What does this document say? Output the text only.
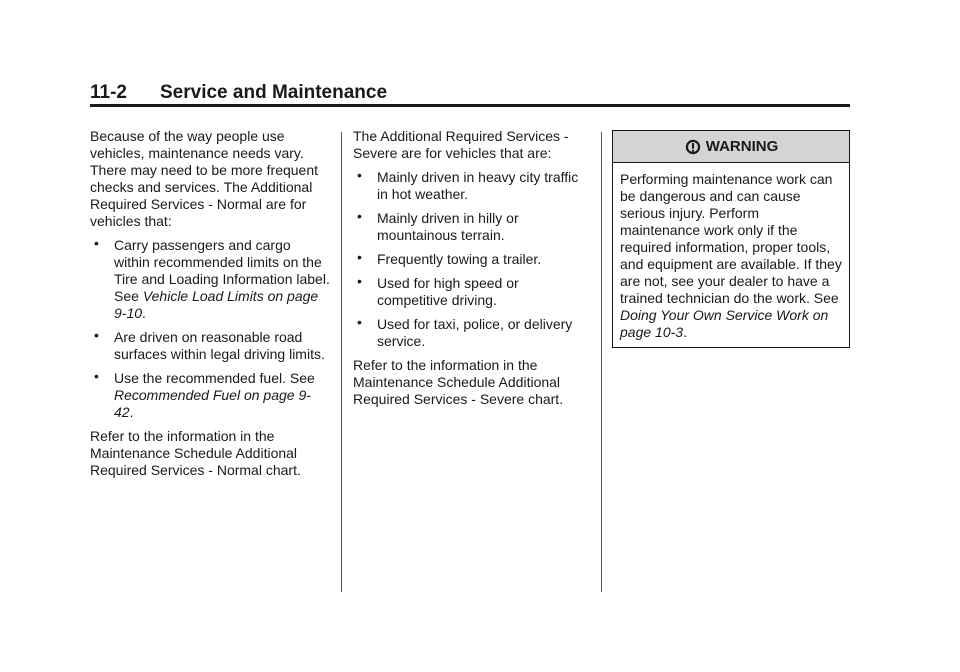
11-2 Service and Maintenance

Because of the way people use vehicles, maintenance needs vary. There may need to be more frequent checks and services. The Additional Required Services - Normal are for vehicles that:

• Carry passengers and cargo within recommended limits on the Tire and Loading Information label. See Vehicle Load Limits on page 9-10.
• Are driven on reasonable road surfaces within legal driving limits.
• Use the recommended fuel. See Recommended Fuel on page 9-42.

Refer to the information in the Maintenance Schedule Additional Required Services - Normal chart.

The Additional Required Services - Severe are for vehicles that are:

• Mainly driven in heavy city traffic in hot weather.
• Mainly driven in hilly or mountainous terrain.
• Frequently towing a trailer.
• Used for high speed or competitive driving.
• Used for taxi, police, or delivery service.

Refer to the information in the Maintenance Schedule Additional Required Services - Severe chart.

WARNING

Performing maintenance work can be dangerous and can cause serious injury. Perform maintenance work only if the required information, proper tools, and equipment are available. If they are not, see your dealer to have a trained technician do the work. See Doing Your Own Service Work on page 10-3.
